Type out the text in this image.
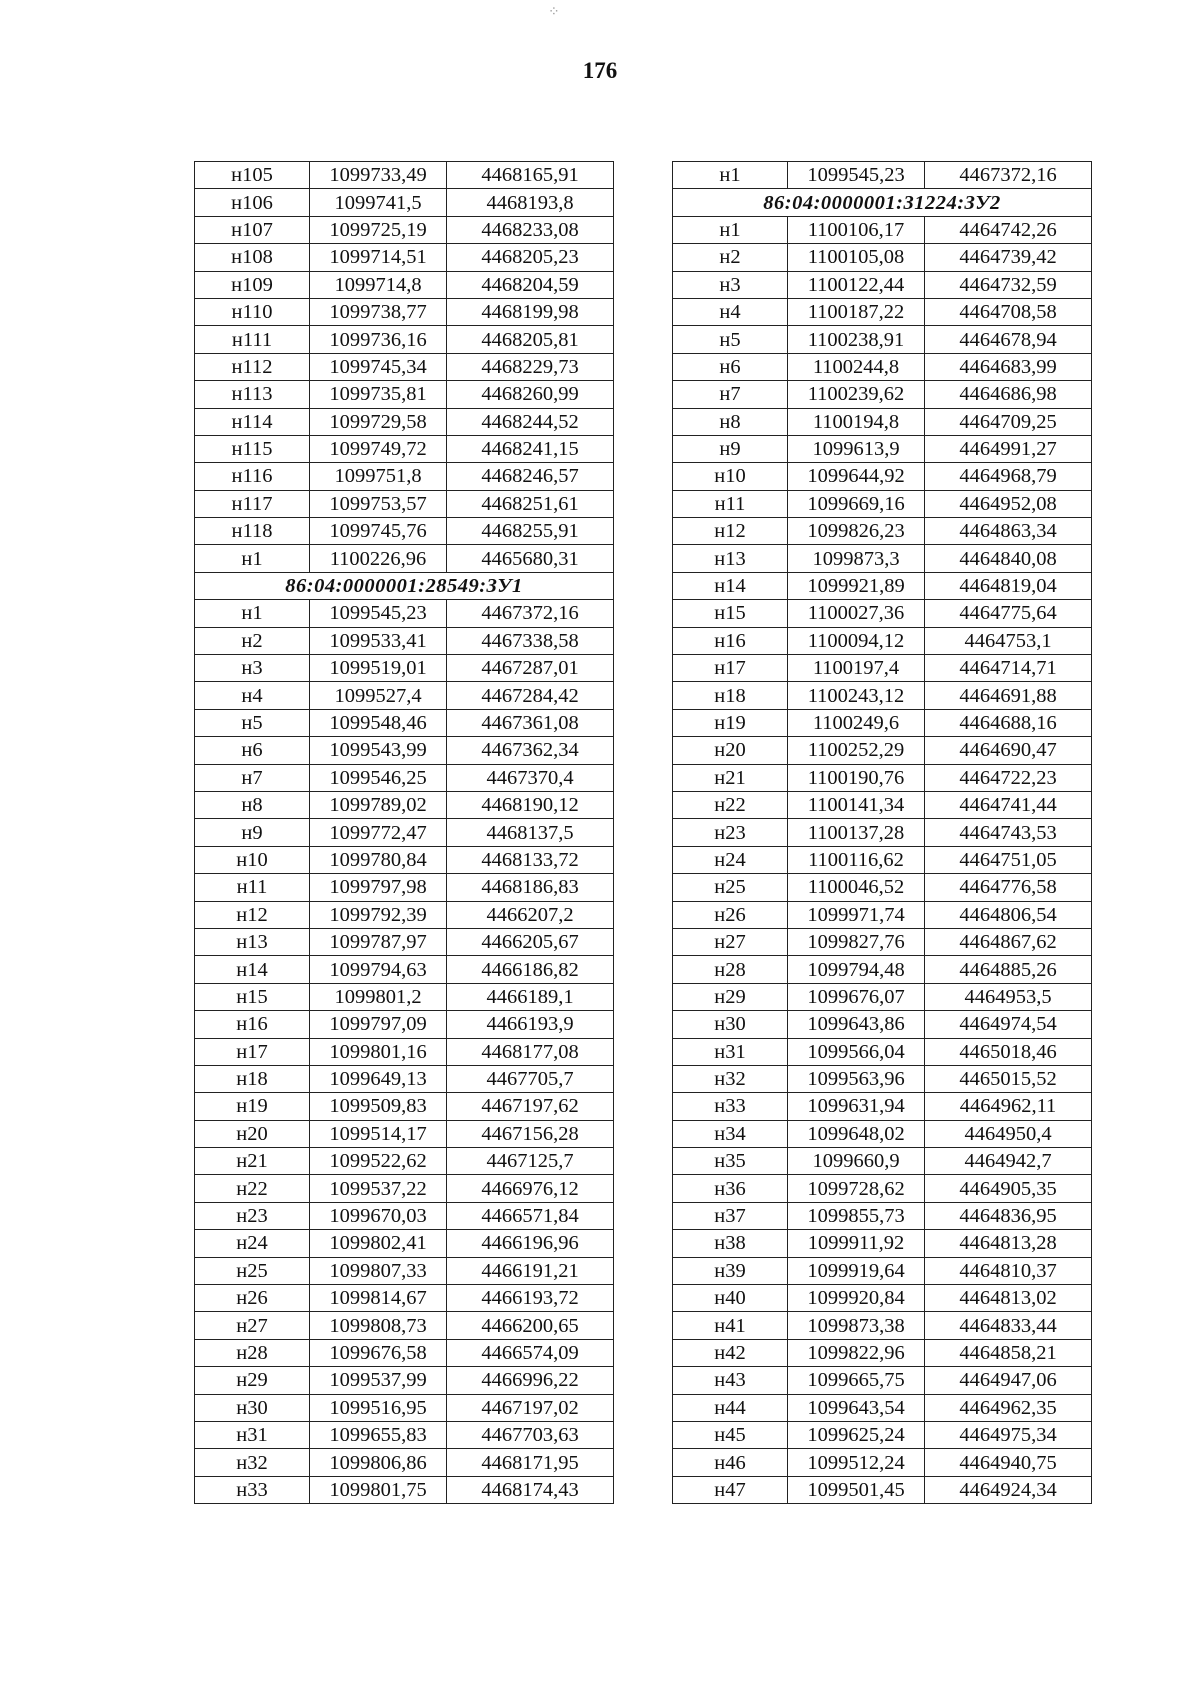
⁘
176
н105	1099733,49	4468165,91
н106	1099741,5	4468193,8
н107	1099725,19	4468233,08
н108	1099714,51	4468205,23
н109	1099714,8	4468204,59
н110	1099738,77	4468199,98
н111	1099736,16	4468205,81
н112	1099745,34	4468229,73
н113	1099735,81	4468260,99
н114	1099729,58	4468244,52
н115	1099749,72	4468241,15
н116	1099751,8	4468246,57
н117	1099753,57	4468251,61
н118	1099745,76	4468255,91
н1	1100226,96	4465680,31
86:04:0000001:28549:ЗУ1		
н1	1099545,23	4467372,16
н2	1099533,41	4467338,58
н3	1099519,01	4467287,01
н4	1099527,4	4467284,42
н5	1099548,46	4467361,08
н6	1099543,99	4467362,34
н7	1099546,25	4467370,4
н8	1099789,02	4468190,12
н9	1099772,47	4468137,5
н10	1099780,84	4468133,72
н11	1099797,98	4468186,83
н12	1099792,39	4466207,2
н13	1099787,97	4466205,67
н14	1099794,63	4466186,82
н15	1099801,2	4466189,1
н16	1099797,09	4466193,9
н17	1099801,16	4468177,08
н18	1099649,13	4467705,7
н19	1099509,83	4467197,62
н20	1099514,17	4467156,28
н21	1099522,62	4467125,7
н22	1099537,22	4466976,12
н23	1099670,03	4466571,84
н24	1099802,41	4466196,96
н25	1099807,33	4466191,21
н26	1099814,67	4466193,72
н27	1099808,73	4466200,65
н28	1099676,58	4466574,09
н29	1099537,99	4466996,22
н30	1099516,95	4467197,02
н31	1099655,83	4467703,63
н32	1099806,86	4468171,95
н33	1099801,75	4468174,43
н1	1099545,23	4467372,16
86:04:0000001:31224:ЗУ2		
н1	1100106,17	4464742,26
н2	1100105,08	4464739,42
н3	1100122,44	4464732,59
н4	1100187,22	4464708,58
н5	1100238,91	4464678,94
н6	1100244,8	4464683,99
н7	1100239,62	4464686,98
н8	1100194,8	4464709,25
н9	1099613,9	4464991,27
н10	1099644,92	4464968,79
н11	1099669,16	4464952,08
н12	1099826,23	4464863,34
н13	1099873,3	4464840,08
н14	1099921,89	4464819,04
н15	1100027,36	4464775,64
н16	1100094,12	4464753,1
н17	1100197,4	4464714,71
н18	1100243,12	4464691,88
н19	1100249,6	4464688,16
н20	1100252,29	4464690,47
н21	1100190,76	4464722,23
н22	1100141,34	4464741,44
н23	1100137,28	4464743,53
н24	1100116,62	4464751,05
н25	1100046,52	4464776,58
н26	1099971,74	4464806,54
н27	1099827,76	4464867,62
н28	1099794,48	4464885,26
н29	1099676,07	4464953,5
н30	1099643,86	4464974,54
н31	1099566,04	4465018,46
н32	1099563,96	4465015,52
н33	1099631,94	4464962,11
н34	1099648,02	4464950,4
н35	1099660,9	4464942,7
н36	1099728,62	4464905,35
н37	1099855,73	4464836,95
н38	1099911,92	4464813,28
н39	1099919,64	4464810,37
н40	1099920,84	4464813,02
н41	1099873,38	4464833,44
н42	1099822,96	4464858,21
н43	1099665,75	4464947,06
н44	1099643,54	4464962,35
н45	1099625,24	4464975,34
н46	1099512,24	4464940,75
н47	1099501,45	4464924,34
